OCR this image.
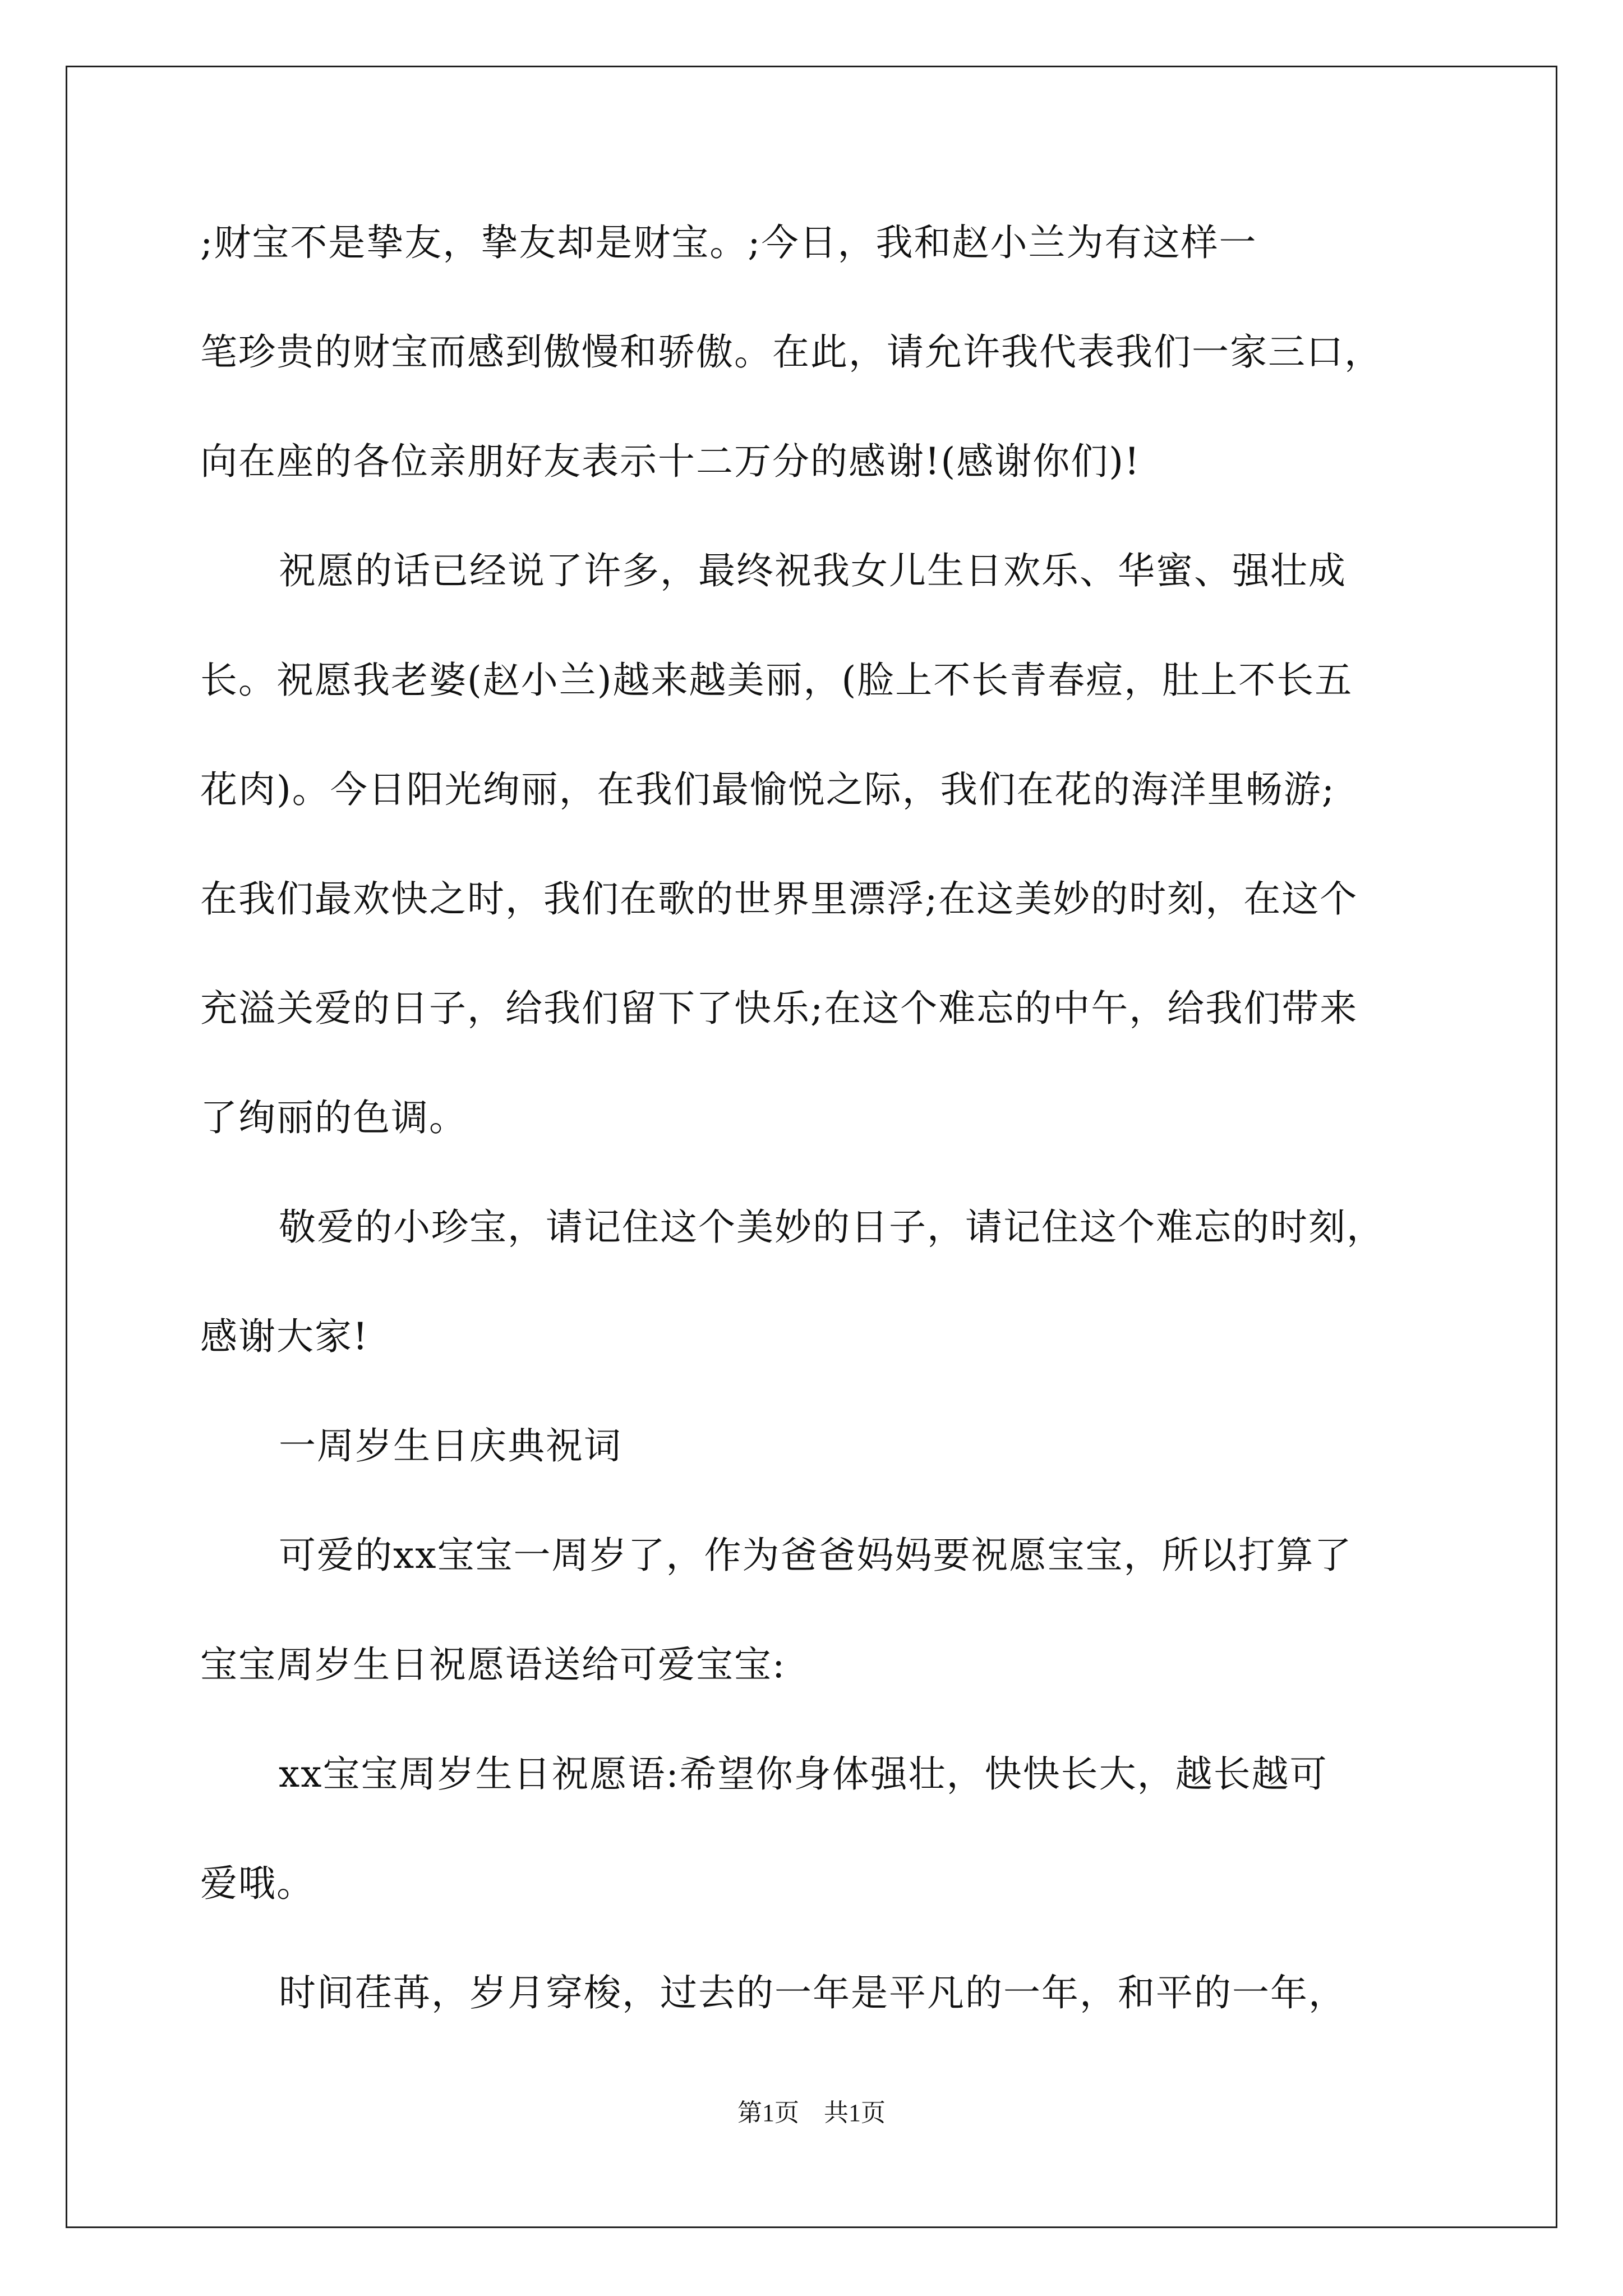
;财宝不是挚友，挚友却是财宝。;今日，我和赵小兰为有这样一
笔珍贵的财宝而感到傲慢和骄傲。在此，请允许我代表我们一家三口，
向在座的各位亲朋好友表示十二万分的感谢!(感谢你们)!
祝愿的话已经说了许多，最终祝我女儿生日欢乐、华蜜、强壮成
长。祝愿我老婆(赵小兰)越来越美丽，(脸上不长青春痘，肚上不长五
花肉)。今日阳光绚丽，在我们最愉悦之际，我们在花的海洋里畅游;
在我们最欢快之时，我们在歌的世界里漂浮;在这美妙的时刻，在这个
充溢关爱的日子，给我们留下了快乐;在这个难忘的中午，给我们带来
了绚丽的色调。
敬爱的小珍宝，请记住这个美妙的日子，请记住这个难忘的时刻，
感谢大家!
一周岁生日庆典祝词
可爱的xx宝宝一周岁了，作为爸爸妈妈要祝愿宝宝，所以打算了
宝宝周岁生日祝愿语送给可爱宝宝:
xx宝宝周岁生日祝愿语:希望你身体强壮，快快长大，越长越可
爱哦。
时间荏苒，岁月穿梭，过去的一年是平凡的一年，和平的一年，
第1页　共1页
